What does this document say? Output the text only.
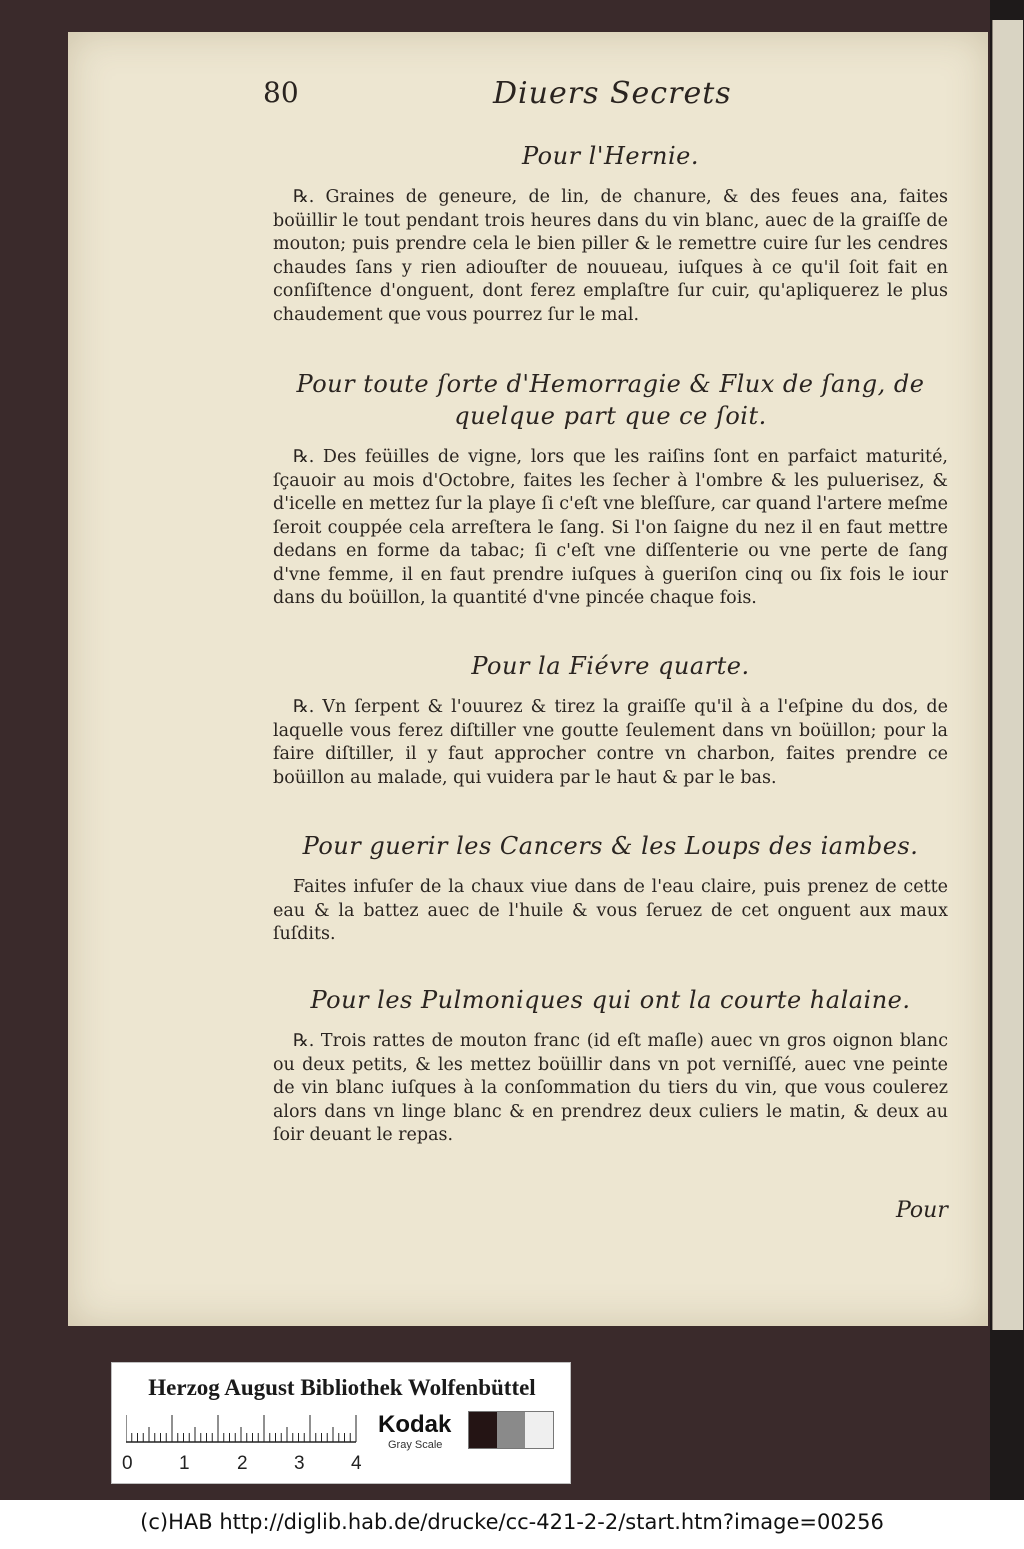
80	Diuers Secrets

Pour l'Hernie.

℞. Graines de geneure, de lin, de chanure, & des feues ana, faites boüillir le tout pendant trois heures dans du vin blanc, auec de la graiſſe de mouton; puis prendre cela le bien piller & le remettre cuire ſur les cendres chaudes ſans y rien adiouſter de nouueau, iuſques à ce qu'il ſoit fait en conſiſtence d'onguent, dont ferez emplaſtre ſur cuir, qu'apliquerez le plus chaudement que vous pourrez ſur le mal.

Pour toute ſorte d'Hemorragie & Flux de ſang, de quelque part que ce ſoit.

℞. Des feüilles de vigne, lors que les raiſins ſont en parfaict maturité, ſçauoir au mois d'Octobre, faites les ſecher à l'ombre & les puluerisez, & d'icelle en mettez ſur la playe ſi c'eſt vne bleſſure, car quand l'artere meſme ſeroit couppée cela arreſtera le ſang. Si l'on ſaigne du nez il en faut mettre dedans en forme da tabac; ſi c'eſt vne diſſenterie ou vne perte de ſang d'vne femme, il en faut prendre iuſques à gueriſon cinq ou ſix fois le iour dans du boüillon, la quantité d'vne pincée chaque fois.

Pour la Fiévre quarte.

℞. Vn ſerpent & l'ouurez & tirez la graiſſe qu'il à a l'eſpine du dos, de laquelle vous ferez diſtiller vne goutte ſeulement dans vn boüillon; pour la faire diſtiller, il y faut approcher contre vn charbon, faites prendre ce boüillon au malade, qui vuidera par le haut & par le bas.

Pour guerir les Cancers & les Loups des iambes.

Faites infuſer de la chaux viue dans de l'eau claire, puis prenez de cette eau & la battez auec de l'huile & vous ſeruez de cet onguent aux maux ſuſdits.

Pour les Pulmoniques qui ont la courte halaine.

℞. Trois rattes de mouton franc (id eſt maſle) auec vn gros oignon blanc ou deux petits, & les mettez boüillir dans vn pot verniſſé, auec vne peinte de vin blanc iuſques à la conſommation du tiers du vin, que vous coulerez alors dans vn linge blanc & en prendrez deux culiers le matin, & deux au ſoir deuant le repas.

Pour
Herzog August Bibliothek Wolfenbüttel
0 1 2 3 4
Kodak
Gray Scale
(c)HAB http://diglib.hab.de/drucke/cc-421-2-2/start.htm?image=00256
